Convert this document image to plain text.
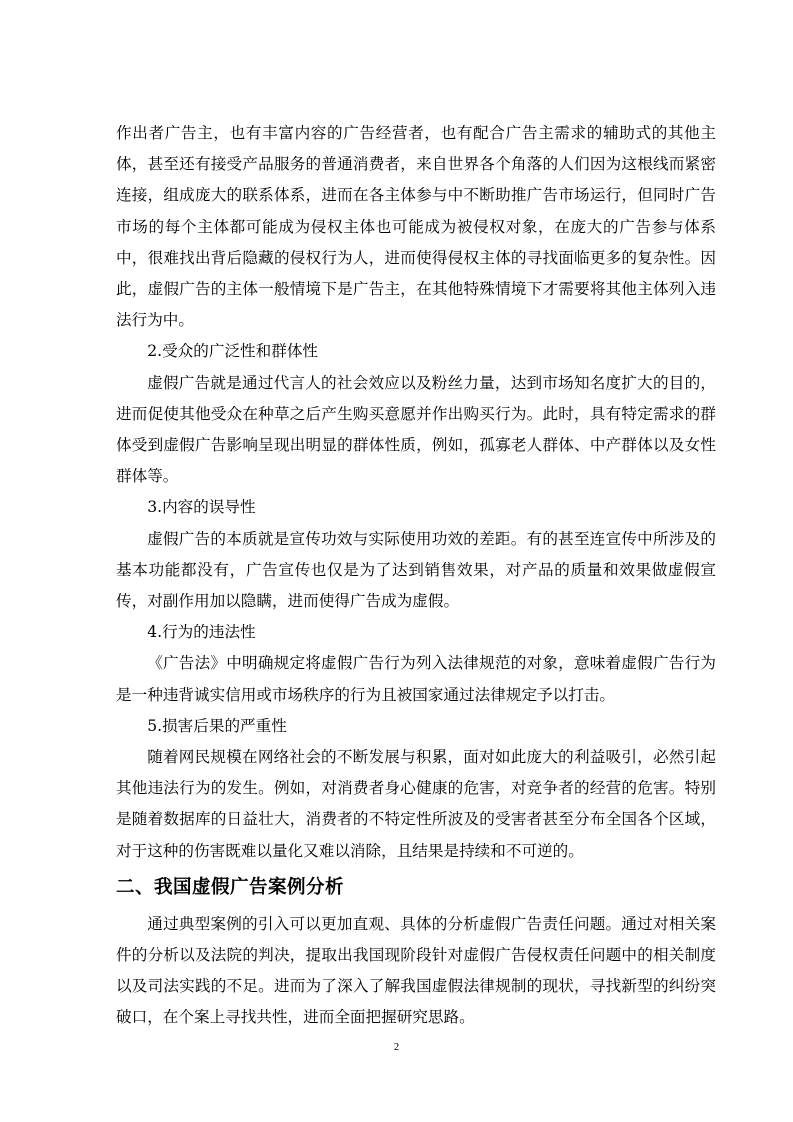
作出者广告主，也有丰富内容的广告经营者，也有配合广告主需求的辅助式的其他主体，甚至还有接受产品服务的普通消费者，来自世界各个角落的人们因为这根线而紧密连接，组成庞大的联系体系，进而在各主体参与中不断助推广告市场运行，但同时广告市场的每个主体都可能成为侵权主体也可能成为被侵权对象，在庞大的广告参与体系中，很难找出背后隐藏的侵权行为人，进而使得侵权主体的寻找面临更多的复杂性。因此，虚假广告的主体一般情境下是广告主，在其他特殊情境下才需要将其他主体列入违法行为中。

2.受众的广泛性和群体性

虚假广告就是通过代言人的社会效应以及粉丝力量，达到市场知名度扩大的目的，进而促使其他受众在种草之后产生购买意愿并作出购买行为。此时，具有特定需求的群体受到虚假广告影响呈现出明显的群体性质，例如，孤寡老人群体、中产群体以及女性群体等。

3.内容的误导性

虚假广告的本质就是宣传功效与实际使用功效的差距。有的甚至连宣传中所涉及的基本功能都没有，广告宣传也仅是为了达到销售效果，对产品的质量和效果做虚假宣传，对副作用加以隐瞒，进而使得广告成为虚假。

4.行为的违法性

《广告法》中明确规定将虚假广告行为列入法律规范的对象，意味着虚假广告行为是一种违背诚实信用或市场秩序的行为且被国家通过法律规定予以打击。

5.损害后果的严重性

随着网民规模在网络社会的不断发展与积累，面对如此庞大的利益吸引，必然引起其他违法行为的发生。例如，对消费者身心健康的危害，对竞争者的经营的危害。特别是随着数据库的日益壮大，消费者的不特定性所波及的受害者甚至分布全国各个区域，对于这种的伤害既难以量化又难以消除，且结果是持续和不可逆的。

二、我国虚假广告案例分析

通过典型案例的引入可以更加直观、具体的分析虚假广告责任问题。通过对相关案件的分析以及法院的判决，提取出我国现阶段针对虚假广告侵权责任问题中的相关制度以及司法实践的不足。进而为了深入了解我国虚假法律规制的现状，寻找新型的纠纷突破口，在个案上寻找共性，进而全面把握研究思路。

2
